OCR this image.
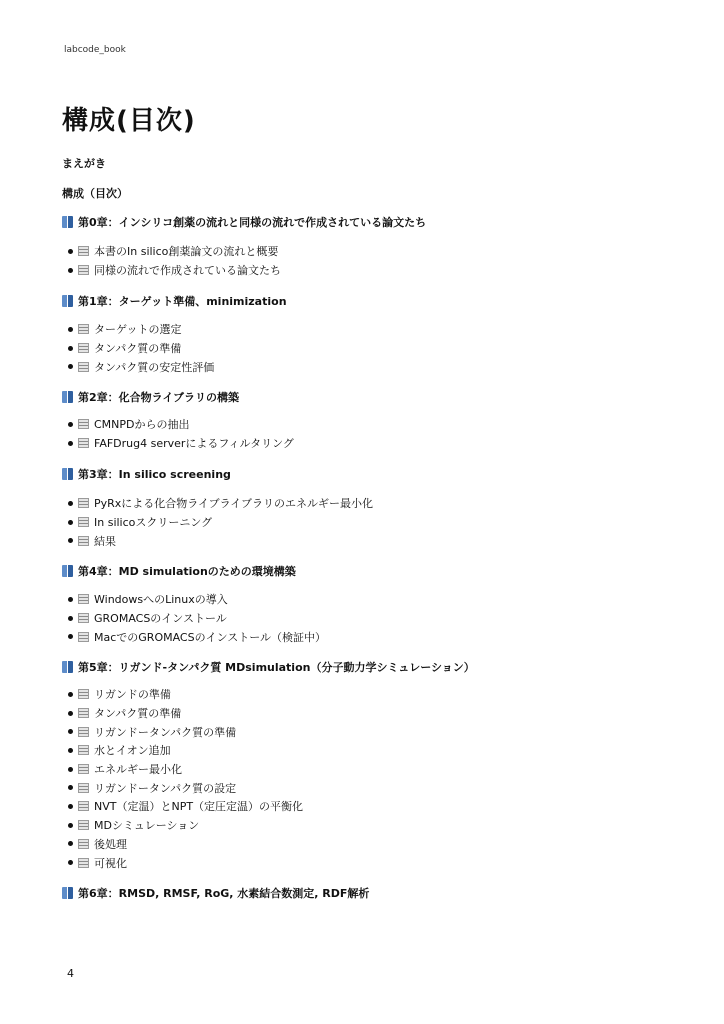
labcode_book
構成(目次)
まえがき
構成（目次）
第0章：インシリコ創薬の流れと同様の流れで作成されている論文たち
本書のIn silico創薬論文の流れと概要
同様の流れで作成されている論文たち
第1章：ターゲット準備、minimization
ターゲットの選定
タンパク質の準備
タンパク質の安定性評価
第2章：化合物ライブラリの構築
CMNPDからの抽出
FAFDrug4 serverによるフィルタリング
第3章：In silico screening
PyRxによる化合物ライブライブラリのエネルギー最小化
In silicoスクリーニング
結果
第4章：MD simulationのための環境構築
WindowsへのLinuxの導入
GROMACSのインストール
MacでのGROMACSのインストール（検証中）
第5章：リガンド-タンパク質 MDsimulation（分子動力学シミュレーション）
リガンドの準備
タンパク質の準備
リガンドータンパク質の準備
水とイオン追加
エネルギー最小化
リガンドータンパク質の設定
NVT（定温）とNPT（定圧定温）の平衡化
MDシミュレーション
後処理
可視化
第6章：RMSD, RMSF, RoG, 水素結合数測定, RDF解析
4
